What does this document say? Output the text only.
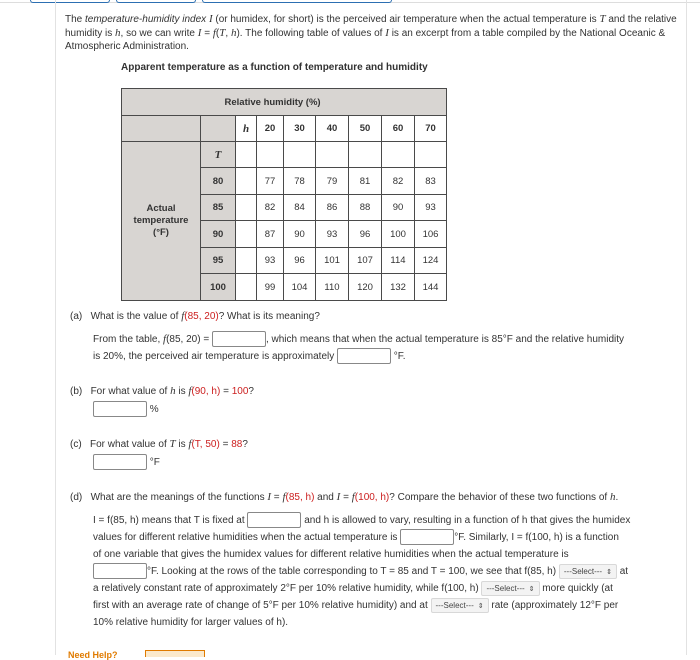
The temperature-humidity index I (or humidex, for short) is the perceived air temperature when the actual temperature is T and the relative humidity is h, so we can write I = f(T, h). The following table of values of I is an excerpt from a table compiled by the National Oceanic & Atmospheric Administration.
Apparent temperature as a function of temperature and humidity
	Relative humidity (%)							
		h	20	30	40	50	60	70
Actual temperature (°F)	T							
	80		77	78	79	81	82	83
	85		82	84	86	88	90	93
	90		87	90	93	96	100	106
	95		93	96	101	107	114	124
	100		99	104	110	120	132	144
(a) What is the value of f(85, 20)? What is its meaning?
From the table, f(85, 20) =	, which means that when the actual temperature is 85°F and the relative humidity
is 20%, the perceived air temperature is approximately	°F.
(b) For what value of h is f(90, h) = 100?
%
(c) For what value of T is f(T, 50) = 88?
°F
(d) What are the meanings of the functions I = f(85, h) and I = f(100, h)? Compare the behavior of these two functions of h.
I = f(85, h) means that T is fixed at	and h is allowed to vary, resulting in a function of h that gives the humidex
values for different relative humidities when the actual temperature is	°F. Similarly, I = f(100, h) is a function
of one variable that gives the humidex values for different relative humidities when the actual temperature is
°F. Looking at the rows of the table corresponding to T = 85 and T = 100, we see that f(85, h) ---Select--- ⇕ at
a relatively constant rate of approximately 2°F per 10% relative humidity, while f(100, h) ---Select--- ⇕ more quickly (at
first with an average rate of change of 5°F per 10% relative humidity) and at ---Select--- ⇕ rate (approximately 12°F per
10% relative humidity for larger values of h).
Need Help?
